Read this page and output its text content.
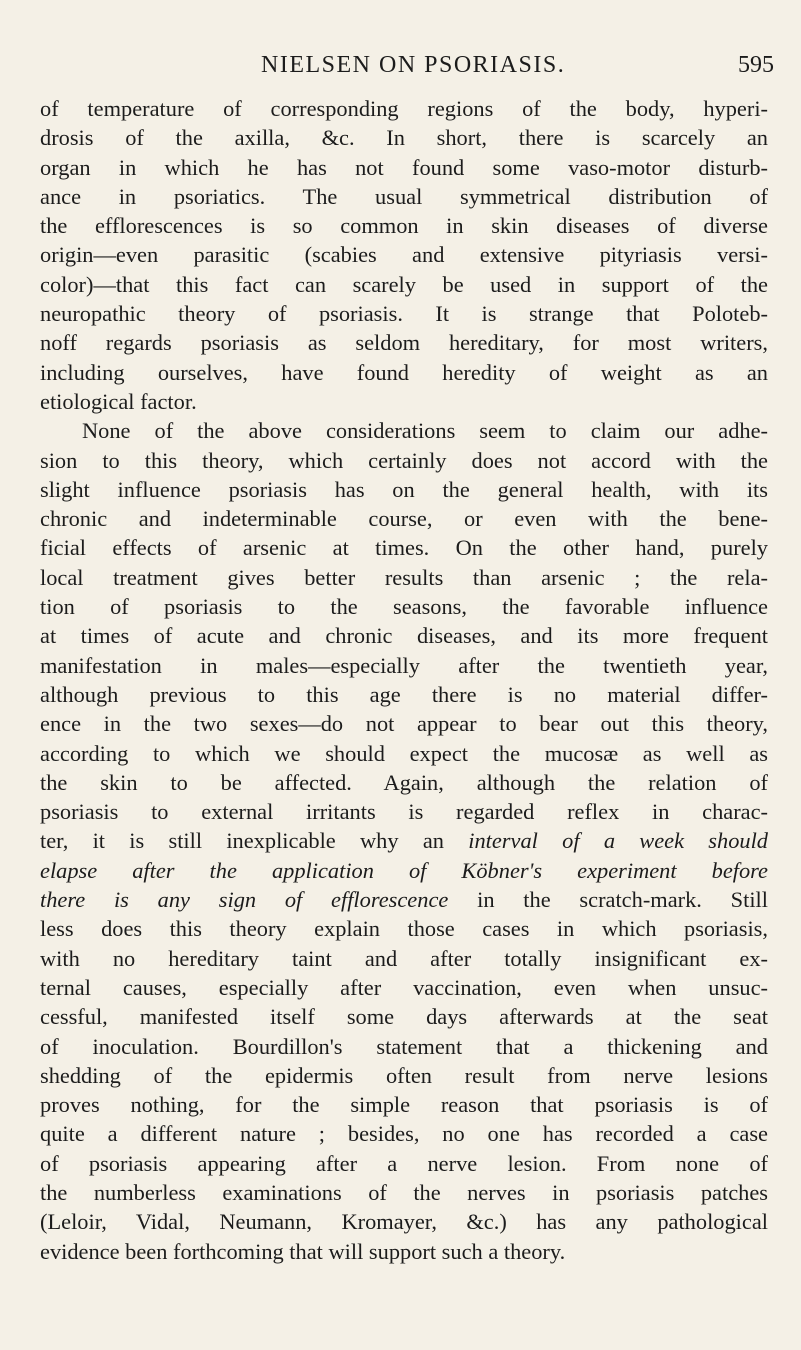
NIELSEN ON PSORIASIS.	595
of temperature of corresponding regions of the body, hyperi-
drosis of the axilla, &c. In short, there is scarcely an
organ in which he has not found some vaso-motor disturb-
ance in psoriatics. The usual symmetrical distribution of
the efflorescences is so common in skin diseases of diverse
origin—even parasitic (scabies and extensive pityriasis versi-
color)—that this fact can scarely be used in support of the
neuropathic theory of psoriasis. It is strange that Poloteb-
noff regards psoriasis as seldom hereditary, for most writers,
including ourselves, have found heredity of weight as an
etiological factor.
None of the above considerations seem to claim our adhe-
sion to this theory, which certainly does not accord with the
slight influence psoriasis has on the general health, with its
chronic and indeterminable course, or even with the bene-
ficial effects of arsenic at times. On the other hand, purely
local treatment gives better results than arsenic ; the rela-
tion of psoriasis to the seasons, the favorable influence
at times of acute and chronic diseases, and its more frequent
manifestation in males—especially after the twentieth year,
although previous to this age there is no material differ-
ence in the two sexes—do not appear to bear out this theory,
according to which we should expect the mucosæ as well as
the skin to be affected. Again, although the relation of
psoriasis to external irritants is regarded reflex in charac-
ter, it is still inexplicable why an interval of a week should
elapse after the application of Köbner's experiment before
there is any sign of efflorescence in the scratch-mark. Still
less does this theory explain those cases in which psoriasis,
with no hereditary taint and after totally insignificant ex-
ternal causes, especially after vaccination, even when unsuc-
cessful, manifested itself some days afterwards at the seat
of inoculation. Bourdillon's statement that a thickening and
shedding of the epidermis often result from nerve lesions
proves nothing, for the simple reason that psoriasis is of
quite a different nature ; besides, no one has recorded a case
of psoriasis appearing after a nerve lesion. From none of
the numberless examinations of the nerves in psoriasis patches
(Leloir, Vidal, Neumann, Kromayer, &c.) has any pathological
evidence been forthcoming that will support such a theory.
